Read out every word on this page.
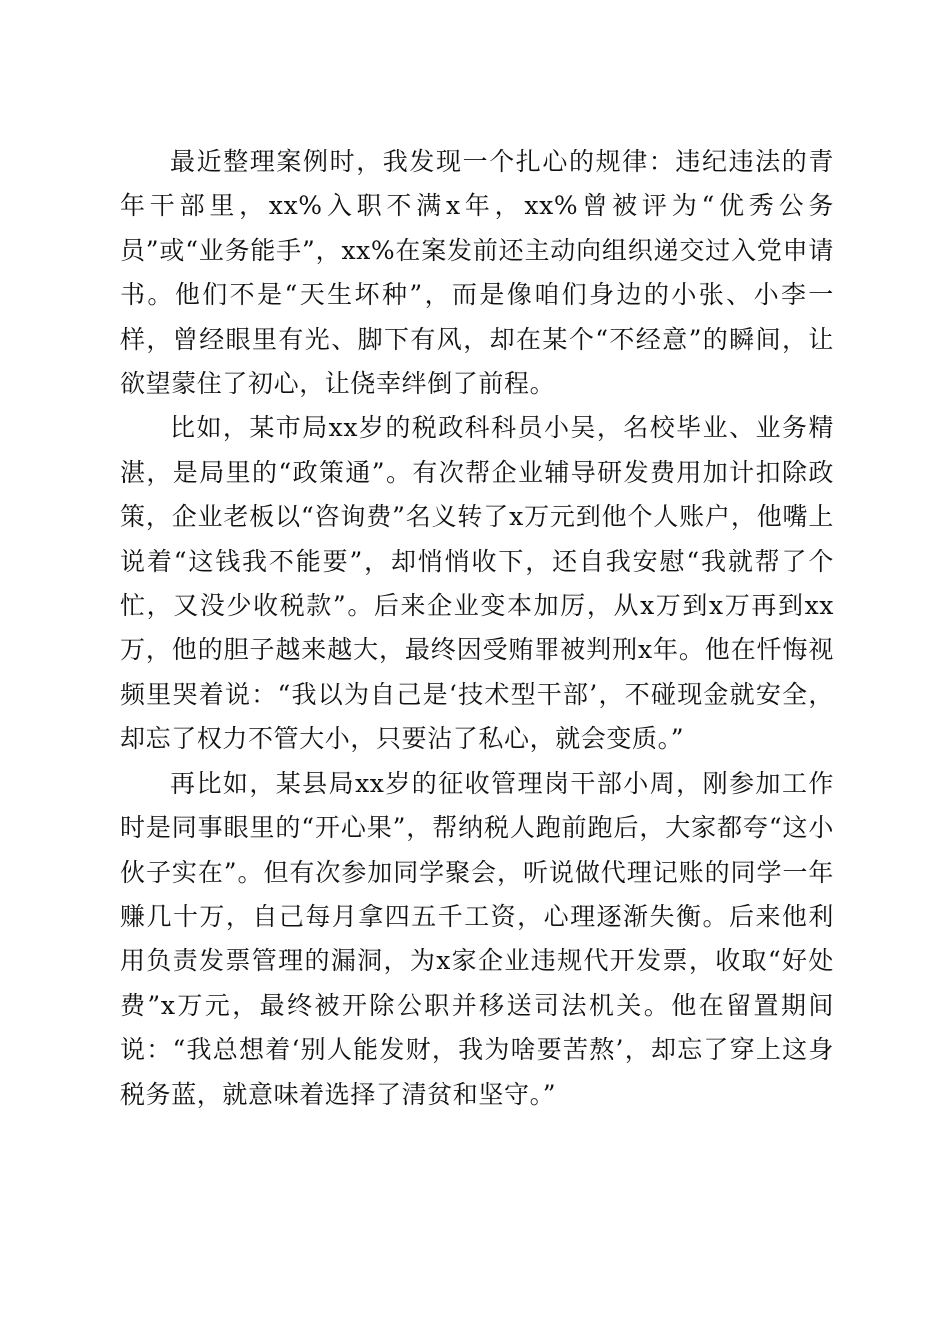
最近整理案例时，我发现一个扎心的规律：违纪违法的青年干部里，xx%入职不满x年，xx%曾被评为“优秀公务员”或“业务能手”，xx%在案发前还主动向组织递交过入党申请书。他们不是“天生坏种”，而是像咱们身边的小张、小李一样，曾经眼里有光、脚下有风，却在某个“不经意”的瞬间，让欲望蒙住了初心，让侥幸绊倒了前程。

比如，某市局xx岁的税政科科员小吴，名校毕业、业务精湛，是局里的“政策通”。有次帮企业辅导研发费用加计扣除政策，企业老板以“咨询费”名义转了x万元到他个人账户，他嘴上说着“这钱我不能要”，却悄悄收下，还自我安慰“我就帮了个忙，又没少收税款”。后来企业变本加厉，从x万到x万再到xx万，他的胆子越来越大，最终因受贿罪被判刑x年。他在忏悔视频里哭着说：“我以为自己是‘技术型干部’，不碰现金就安全，却忘了权力不管大小，只要沾了私心，就会变质。”

再比如，某县局xx岁的征收管理岗干部小周，刚参加工作时是同事眼里的“开心果”，帮纳税人跑前跑后，大家都夸“这小伙子实在”。但有次参加同学聚会，听说做代理记账的同学一年赚几十万，自己每月拿四五千工资，心理逐渐失衡。后来他利用负责发票管理的漏洞，为x家企业违规代开发票，收取“好处费”x万元，最终被开除公职并移送司法机关。他在留置期间说：“我总想着‘别人能发财，我为啥要苦熬’，却忘了穿上这身税务蓝，就意味着选择了清贫和坚守。”
